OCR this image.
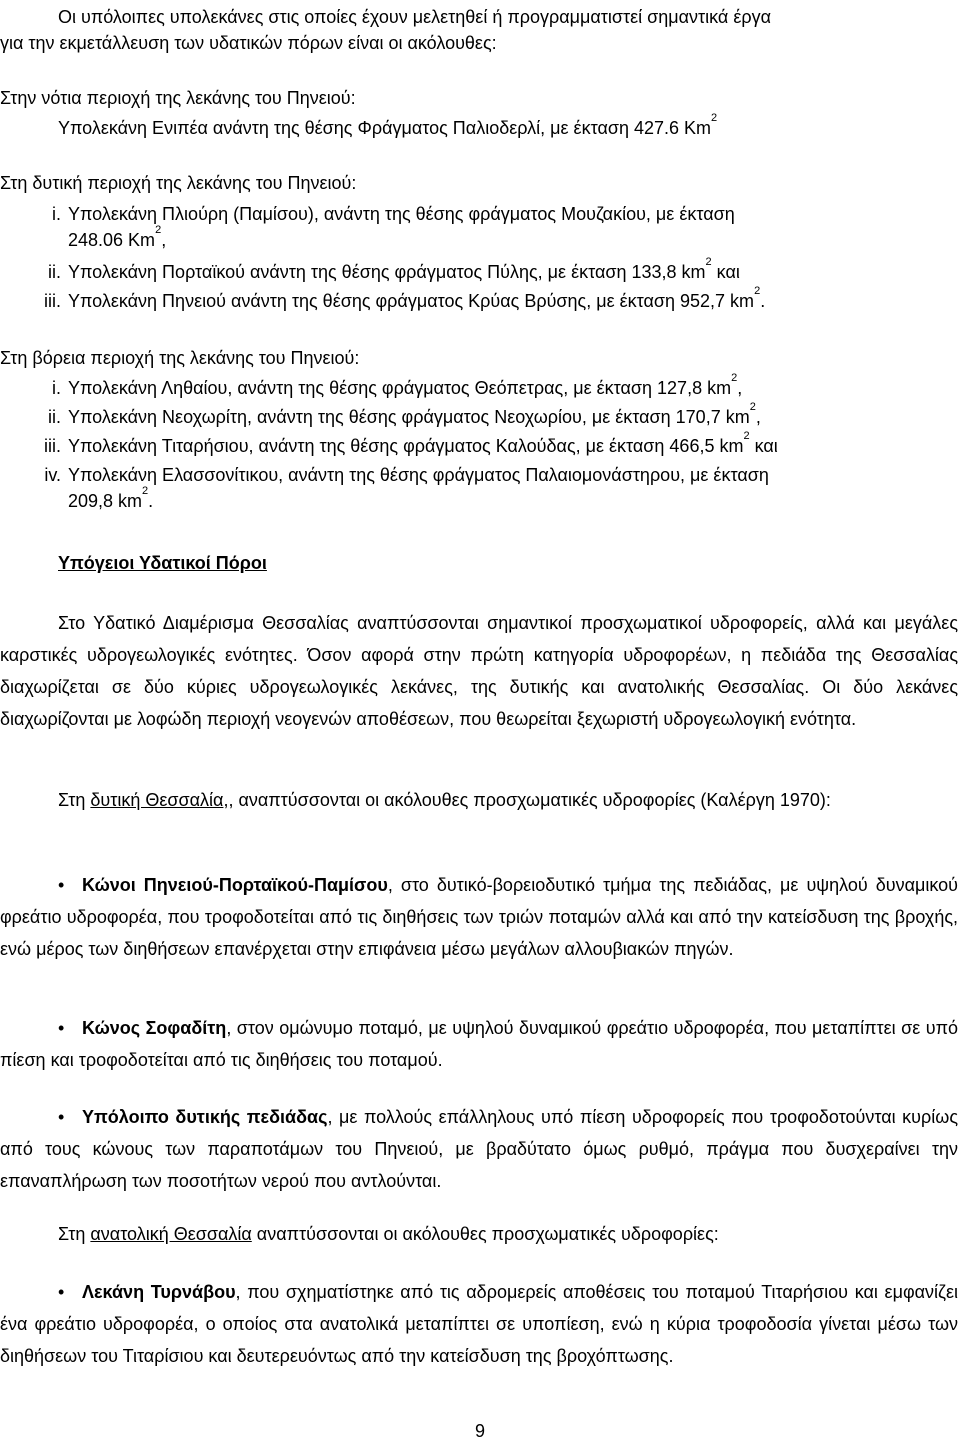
Οι υπόλοιπες υπολεκάνες στις οποίες έχουν μελετηθεί ή προγραμματιστεί σημαντικά έργα
για την εκμετάλλευση των υδατικών πόρων είναι οι ακόλουθες:

Στην νότια περιοχή της λεκάνης του Πηνειού:

Υπολεκάνη Ενιπέα ανάντη της θέσης Φράγματος Παλιοδερλί, με έκταση 427.6 Km$^2$

Στη δυτική περιοχή της λεκάνης του Πηνειού:

i. Υπολεκάνη Πλιούρη (Παμίσου), ανάντη της θέσης φράγματος Μουζακίου, με έκταση
248.06 Km$^2$,
ii. Υπολεκάνη Πορταϊκού ανάντη της θέσης φράγματος Πύλης, με έκταση 133,8 $km^2$ και
iii. Υπολεκάνη Πηνειού ανάντη της θέσης φράγματος Κρύας Βρύσης, με έκταση 952,7 $km^2$.

Στη βόρεια περιοχή της λεκάνης του Πηνειού:

i. Υπολεκάνη Ληθαίου, ανάντη της θέσης φράγματος Θεόπετρας, με έκταση 127,8 $km^2$,
ii. Υπολεκάνη Νεοχωρίτη, ανάντη της θέσης φράγματος Νεοχωρίου, με έκταση 170,7 $km^2$,
iii. Υπολεκάνη Τιταρήσιου, ανάντη της θέσης φράγματος Καλούδας, με έκταση 466,5 $km^2$ και
iv. Υπολεκάνη Ελασσονίτικου, ανάντη της θέσης φράγματος Παλαιομονάστηρου, με έκταση
209,8 $km^2$.

Υπόγειοι Υδατικοί Πόροι

Στο Υδατικό Διαμέρισμα Θεσσαλίας αναπτύσσονται σημαντικοί προσχωματικοί υδροφορείς, αλλά και μεγάλες καρστικές υδρογεωλογικές ενότητες. Όσον αφορά στην πρώτη κατηγορία υδροφορέων, η πεδιάδα της Θεσσαλίας διαχωρίζεται σε δύο κύριες υδρογεωλογικές λεκάνες, της δυτικής και ανατολικής Θεσσαλίας. Οι δύο λεκάνες διαχωρίζονται με λοφώδη περιοχή νεογενών αποθέσεων, που θεωρείται ξεχωριστή υδρογεωλογική ενότητα.

Στη δυτική Θεσσαλία,, αναπτύσσονται οι ακόλουθες προσχωματικές υδροφορίες (Καλέργη 1970):

• Κώνοι Πηνειού-Πορταϊκού-Παμίσου, στο δυτικό-βορειοδυτικό τμήμα της πεδιάδας, με υψηλού δυναμικού φρεάτιο υδροφορέα, που τροφοδοτείται από τις διηθήσεις των τριών ποταμών αλλά και από την κατείσδυση της βροχής, ενώ μέρος των διηθήσεων επανέρχεται στην επιφάνεια μέσω μεγάλων αλλουβιακών πηγών.

• Κώνος Σοφαδίτη, στον ομώνυμο ποταμό, με υψηλού δυναμικού φρεάτιο υδροφορέα, που μεταπίπτει σε υπό πίεση και τροφοδοτείται από τις διηθήσεις του ποταμού.

• Υπόλοιπο δυτικής πεδιάδας, με πολλούς επάλληλους υπό πίεση υδροφορείς που τροφοδοτούνται κυρίως από τους κώνους των παραποτάμων του Πηνειού, με βραδύτατο όμως ρυθμό, πράγμα που δυσχεραίνει την επαναπλήρωση των ποσοτήτων νερού που αντλούνται.

Στη ανατολική Θεσσαλία αναπτύσσονται οι ακόλουθες προσχωματικές υδροφορίες:

• Λεκάνη Τυρνάβου, που σχηματίστηκε από τις αδρομερείς αποθέσεις του ποταμού Τιταρήσιου και εμφανίζει ένα φρεάτιο υδροφορέα, ο οποίος στα ανατολικά μεταπίπτει σε υποπίεση, ενώ η κύρια τροφοδοσία γίνεται μέσω των διηθήσεων του Τιταρίσιου και δευτερευόντως από την κατείσδυση της βροχόπτωσης.

9
